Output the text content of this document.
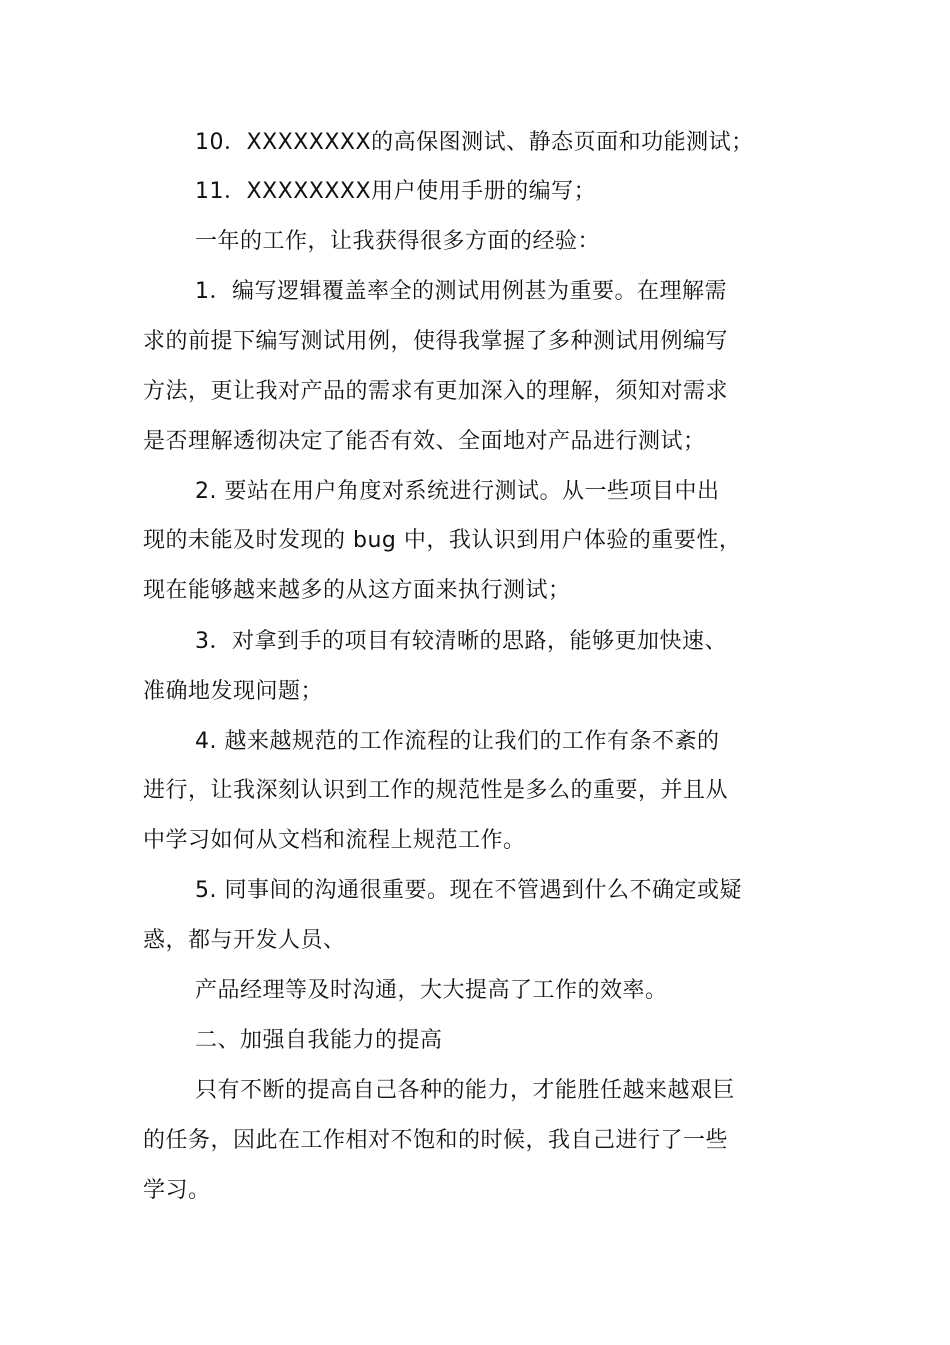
10．XXXXXXXX的高保图测试、静态页面和功能测试；
11．XXXXXXXX用户使用手册的编写；
一年的工作，让我获得很多方面的经验：
1．编写逻辑覆盖率全的测试用例甚为重要。在理解需
求的前提下编写测试用例，使得我掌握了多种测试用例编写
方法，更让我对产品的需求有更加深入的理解，须知对需求
是否理解透彻决定了能否有效、全面地对产品进行测试；
2. 要站在用户角度对系统进行测试。从一些项目中出
现的未能及时发现的 bug 中，我认识到用户体验的重要性，
现在能够越来越多的从这方面来执行测试；
3．对拿到手的项目有较清晰的思路，能够更加快速、
准确地发现问题；
4. 越来越规范的工作流程的让我们的工作有条不紊的
进行，让我深刻认识到工作的规范性是多么的重要，并且从
中学习如何从文档和流程上规范工作。
5. 同事间的沟通很重要。现在不管遇到什么不确定或疑
惑，都与开发人员、
产品经理等及时沟通，大大提高了工作的效率。
二、加强自我能力的提高
只有不断的提高自己各种的能力，才能胜任越来越艰巨
的任务，因此在工作相对不饱和的时候，我自己进行了一些
学习。
